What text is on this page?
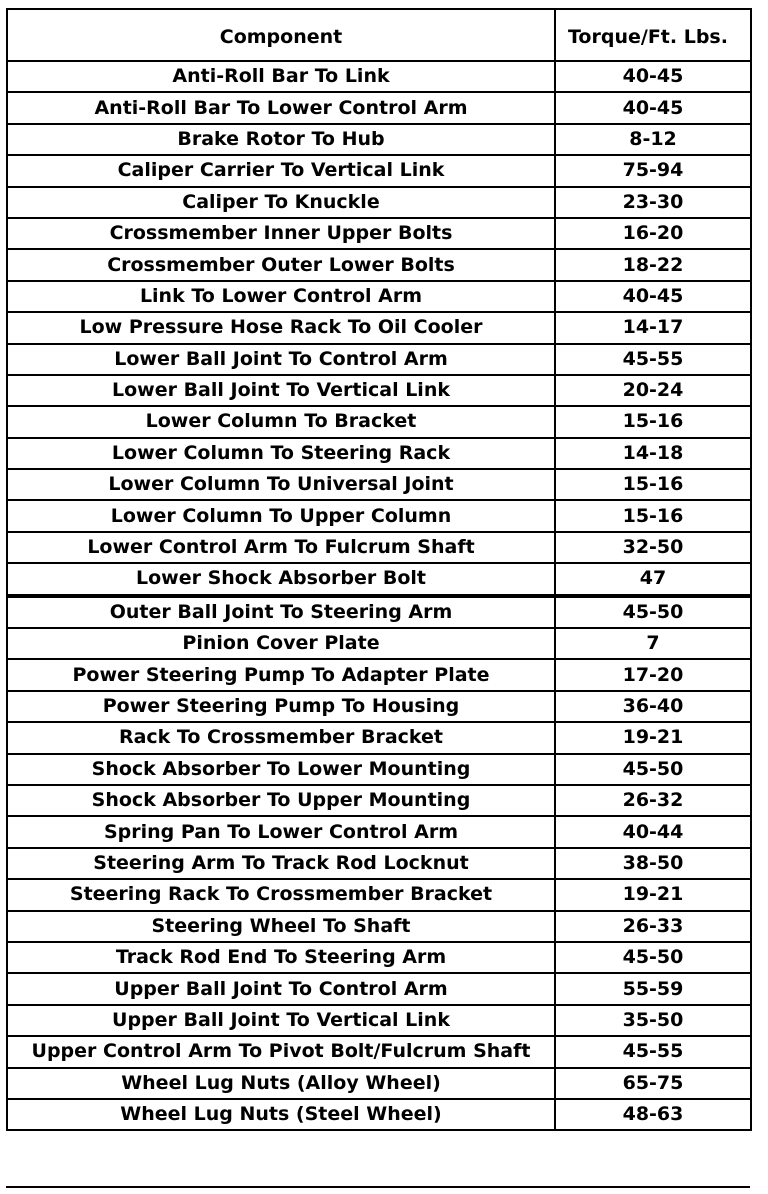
Component	Torque/Ft. Lbs.
Anti-Roll Bar To Link	40-45
Anti-Roll Bar To Lower Control Arm	40-45
Brake Rotor To Hub	8-12
Caliper Carrier To Vertical Link	75-94
Caliper To Knuckle	23-30
Crossmember Inner Upper Bolts	16-20
Crossmember Outer Lower Bolts	18-22
Link To Lower Control Arm	40-45
Low Pressure Hose Rack To Oil Cooler	14-17
Lower Ball Joint To Control Arm	45-55
Lower Ball Joint To Vertical Link	20-24
Lower Column To Bracket	15-16
Lower Column To Steering Rack	14-18
Lower Column To Universal Joint	15-16
Lower Column To Upper Column	15-16
Lower Control Arm To Fulcrum Shaft	32-50
Lower Shock Absorber Bolt	47
Outer Ball Joint To Steering Arm	45-50
Pinion Cover Plate	7
Power Steering Pump To Adapter Plate	17-20
Power Steering Pump To Housing	36-40
Rack To Crossmember Bracket	19-21
Shock Absorber To Lower Mounting	45-50
Shock Absorber To Upper Mounting	26-32
Spring Pan To Lower Control Arm	40-44
Steering Arm To Track Rod Locknut	38-50
Steering Rack To Crossmember Bracket	19-21
Steering Wheel To Shaft	26-33
Track Rod End To Steering Arm	45-50
Upper Ball Joint To Control Arm	55-59
Upper Ball Joint To Vertical Link	35-50
Upper Control Arm To Pivot Bolt/Fulcrum Shaft	45-55
Wheel Lug Nuts (Alloy Wheel)	65-75
Wheel Lug Nuts (Steel Wheel)	48-63
